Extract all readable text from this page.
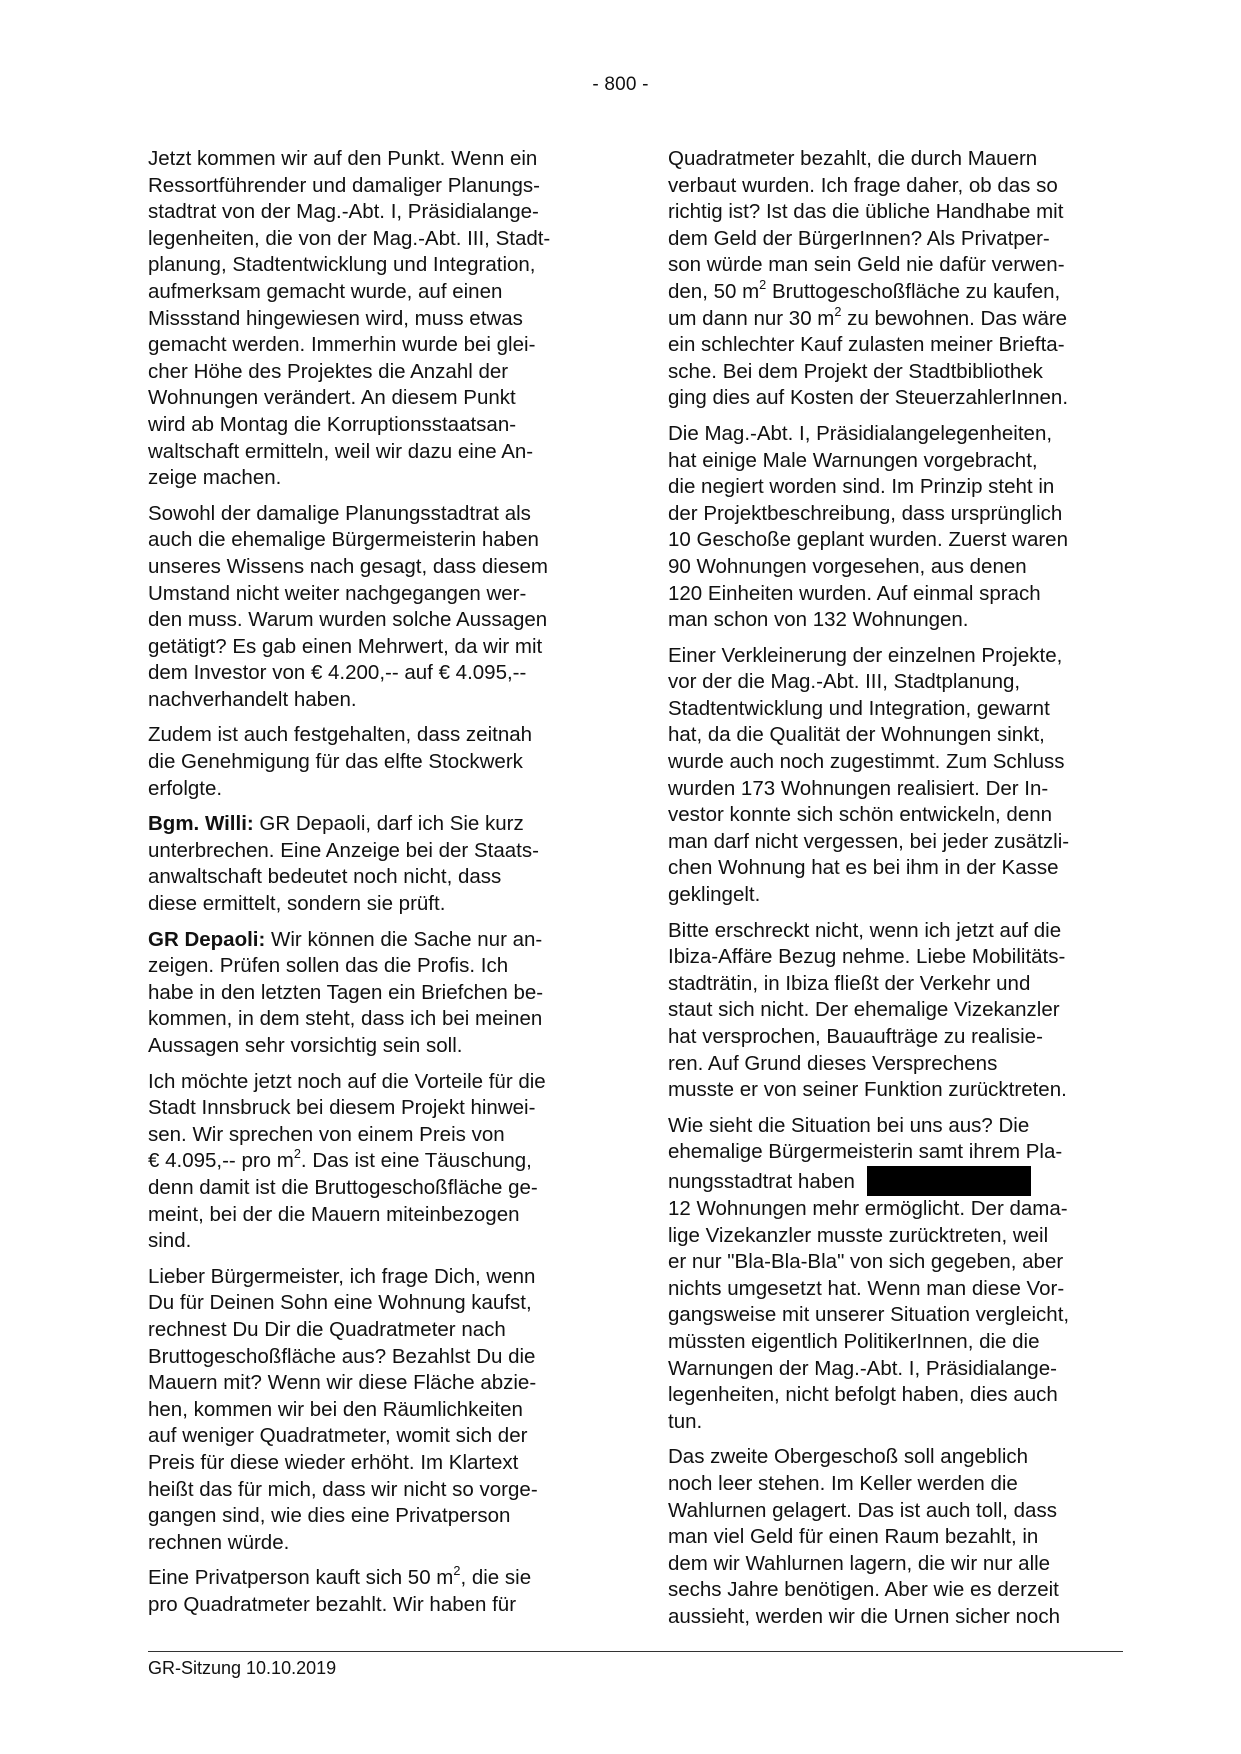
- 800 -

Jetzt kommen wir auf den Punkt. Wenn ein
Ressortführender und damaliger Planungs-
stadtrat von der Mag.-Abt. I, Präsidialange-
legenheiten, die von der Mag.-Abt. III, Stadt-
planung, Stadtentwicklung und Integration,
aufmerksam gemacht wurde, auf einen
Missstand hingewiesen wird, muss etwas
gemacht werden. Immerhin wurde bei glei-
cher Höhe des Projektes die Anzahl der
Wohnungen verändert. An diesem Punkt
wird ab Montag die Korruptionsstaatsan-
waltschaft ermitteln, weil wir dazu eine An-
zeige machen.

Sowohl der damalige Planungsstadtrat als
auch die ehemalige Bürgermeisterin haben
unseres Wissens nach gesagt, dass diesem
Umstand nicht weiter nachgegangen wer-
den muss. Warum wurden solche Aussagen
getätigt? Es gab einen Mehrwert, da wir mit
dem Investor von € 4.200,-- auf € 4.095,--
nachverhandelt haben.

Zudem ist auch festgehalten, dass zeitnah
die Genehmigung für das elfte Stockwerk
erfolgte.

Bgm. Willi: GR Depaoli, darf ich Sie kurz
unterbrechen. Eine Anzeige bei der Staats-
anwaltschaft bedeutet noch nicht, dass
diese ermittelt, sondern sie prüft.

GR Depaoli: Wir können die Sache nur an-
zeigen. Prüfen sollen das die Profis. Ich
habe in den letzten Tagen ein Briefchen be-
kommen, in dem steht, dass ich bei meinen
Aussagen sehr vorsichtig sein soll.

Ich möchte jetzt noch auf die Vorteile für die
Stadt Innsbruck bei diesem Projekt hinwei-
sen. Wir sprechen von einem Preis von
€ 4.095,-- pro $m^2$. Das ist eine Täuschung,
denn damit ist die Bruttogeschoßfläche ge-
meint, bei der die Mauern miteinbezogen
sind.

Lieber Bürgermeister, ich frage Dich, wenn
Du für Deinen Sohn eine Wohnung kaufst,
rechnest Du Dir die Quadratmeter nach
Bruttogeschoßfläche aus? Bezahlst Du die
Mauern mit? Wenn wir diese Fläche abzie-
hen, kommen wir bei den Räumlichkeiten
auf weniger Quadratmeter, womit sich der
Preis für diese wieder erhöht. Im Klartext
heißt das für mich, dass wir nicht so vorge-
gangen sind, wie dies eine Privatperson
rechnen würde.

Eine Privatperson kauft sich 50 $m^2$, die sie
pro Quadratmeter bezahlt. Wir haben für

Quadratmeter bezahlt, die durch Mauern
verbaut wurden. Ich frage daher, ob das so
richtig ist? Ist das die übliche Handhabe mit
dem Geld der BürgerInnen? Als Privatper-
son würde man sein Geld nie dafür verwen-
den, 50 $m^2$ Bruttogeschoßfläche zu kaufen,
um dann nur 30 $m^2$ zu bewohnen. Das wäre
ein schlechter Kauf zulasten meiner Briefta-
sche. Bei dem Projekt der Stadtbibliothek
ging dies auf Kosten der SteuerzahlerInnen.

Die Mag.-Abt. I, Präsidialangelegenheiten,
hat einige Male Warnungen vorgebracht,
die negiert worden sind. Im Prinzip steht in
der Projektbeschreibung, dass ursprünglich
10 Geschoße geplant wurden. Zuerst waren
90 Wohnungen vorgesehen, aus denen
120 Einheiten wurden. Auf einmal sprach
man schon von 132 Wohnungen.

Einer Verkleinerung der einzelnen Projekte,
vor der die Mag.-Abt. III, Stadtplanung,
Stadtentwicklung und Integration, gewarnt
hat, da die Qualität der Wohnungen sinkt,
wurde auch noch zugestimmt. Zum Schluss
wurden 173 Wohnungen realisiert. Der In-
vestor konnte sich schön entwickeln, denn
man darf nicht vergessen, bei jeder zusätzli-
chen Wohnung hat es bei ihm in der Kasse
geklingelt.

Bitte erschreckt nicht, wenn ich jetzt auf die
Ibiza-Affäre Bezug nehme. Liebe Mobilitäts-
stadträtin, in Ibiza fließt der Verkehr und
staut sich nicht. Der ehemalige Vizekanzler
hat versprochen, Bauaufträge zu realisie-
ren. Auf Grund dieses Versprechens
musste er von seiner Funktion zurücktreten.

Wie sieht die Situation bei uns aus? Die
ehemalige Bürgermeisterin samt ihrem Pla-
nungsstadtrat haben
12 Wohnungen mehr ermöglicht. Der dama-
lige Vizekanzler musste zurücktreten, weil
er nur "Bla-Bla-Bla" von sich gegeben, aber
nichts umgesetzt hat. Wenn man diese Vor-
gangsweise mit unserer Situation vergleicht,
müssten eigentlich PolitikerInnen, die die
Warnungen der Mag.-Abt. I, Präsidialange-
legenheiten, nicht befolgt haben, dies auch
tun.

Das zweite Obergeschoß soll angeblich
noch leer stehen. Im Keller werden die
Wahlurnen gelagert. Das ist auch toll, dass
man viel Geld für einen Raum bezahlt, in
dem wir Wahlurnen lagern, die wir nur alle
sechs Jahre benötigen. Aber wie es derzeit
aussieht, werden wir die Urnen sicher noch

GR-Sitzung 10.10.2019
